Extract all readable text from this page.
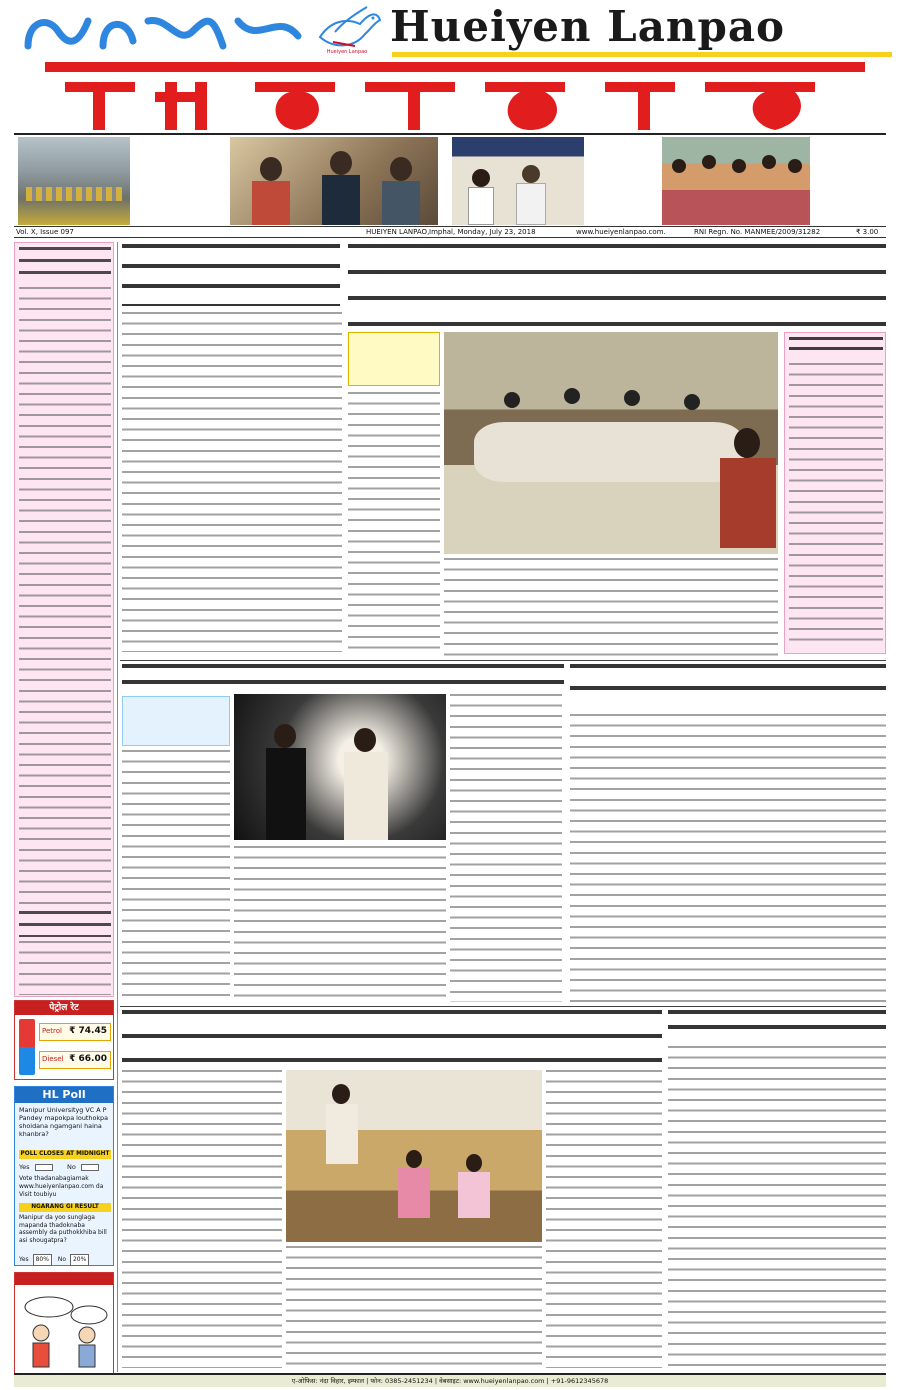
Hueiyen Lanpao
Hueiyen Lanpao
Vol. X, Issue 097	HUEIYEN LANPAO, Imphal, Monday, July 23, 2018	www.hueiyenlanpao.com.	RNI Regn. No. MANMEE/2009/31282	₹ 3.00
पेट्रोल रेट
Petrol ₹ 74.45
Diesel ₹ 66.00
HL Poll
Manipur Universityg VC A P Pandey mapokpa louthokpa shoidana ngamgani haina khanbra?
POLL CLOSES AT MIDNIGHT
Yes	No
Vote thadanabagiamak www.hueiyenlanpao.com da Visit toubiyu
NGARANG GI RESULT
Manipur da yoo sunglaga mapanda thadoknaba assembly da puthokkhiba bill asi shougatpra?
Yes 80% No 20%
ए-ओफिस: नंदा विहार, इम्फाल | फोन: 0385-2451234 | वेबसाइट: www.hueiyenlanpao.com | +91-9612345678
